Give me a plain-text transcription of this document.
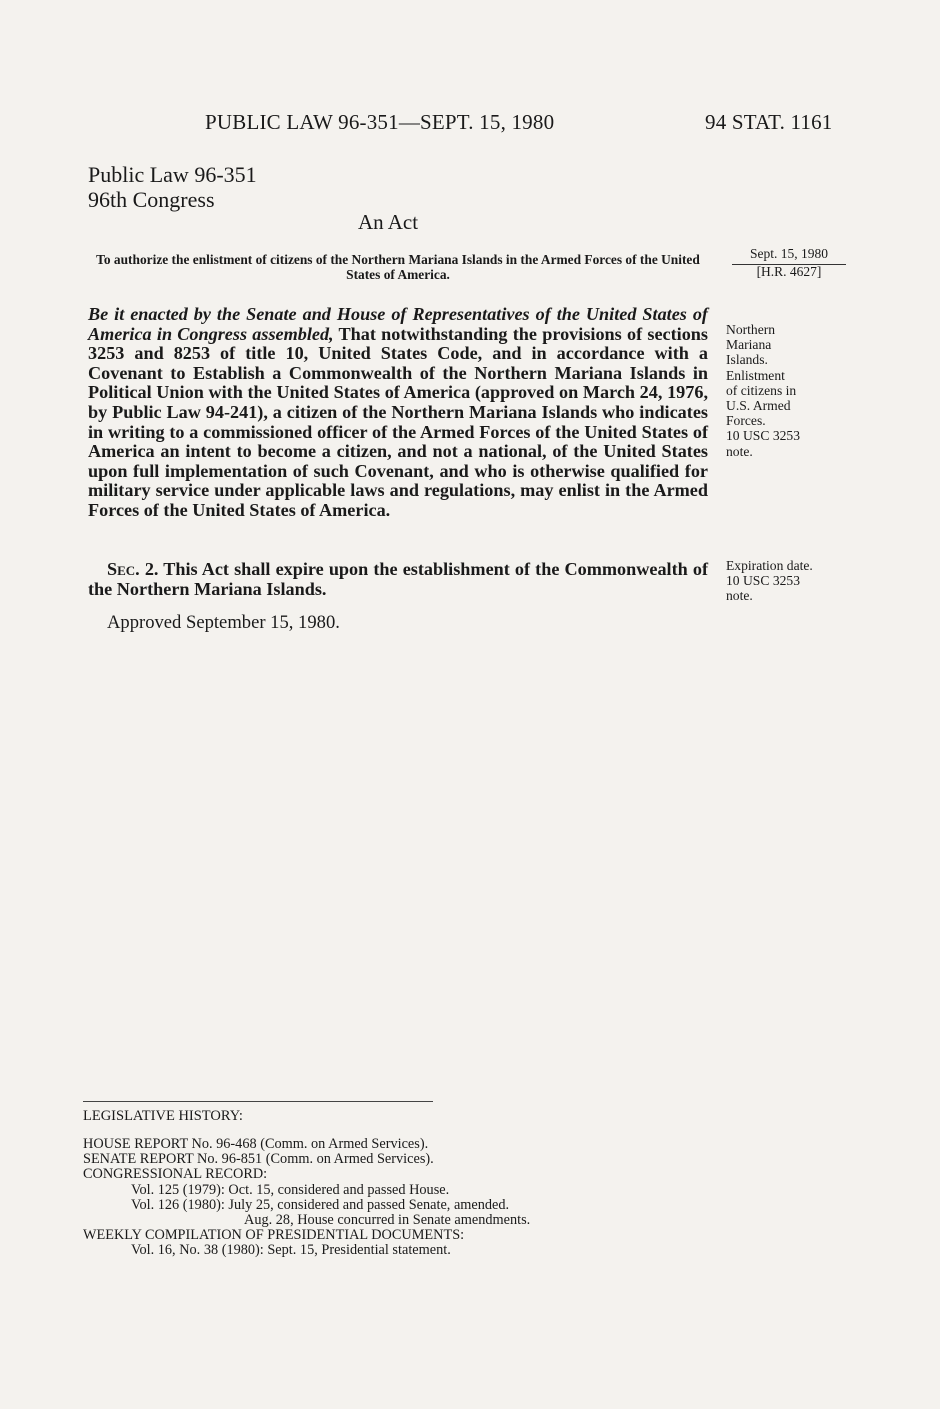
PUBLIC LAW 96-351—SEPT. 15, 1980	94 STAT. 1161
Public Law 96-351
96th Congress
An Act
To authorize the enlistment of citizens of the Northern Mariana Islands in the Armed Forces of the United States of America.
Sept. 15, 1980
[H.R. 4627]
Be it enacted by the Senate and House of Representatives of the United States of America in Congress assembled, That notwithstanding the provisions of sections 3253 and 8253 of title 10, United States Code, and in accordance with a Covenant to Establish a Commonwealth of the Northern Mariana Islands in Political Union with the United States of America (approved on March 24, 1976, by Public Law 94-241), a citizen of the Northern Mariana Islands who indicates in writing to a commissioned officer of the Armed Forces of the United States of America an intent to become a citizen, and not a national, of the United States upon full implementation of such Covenant, and who is otherwise qualified for military service under applicable laws and regulations, may enlist in the Armed Forces of the United States of America.
Sec. 2. This Act shall expire upon the establishment of the Commonwealth of the Northern Mariana Islands.
Approved September 15, 1980.
Northern
Mariana
Islands.
Enlistment
of citizens in
U.S. Armed
Forces.
10 USC 3253
note.
Expiration date.
10 USC 3253
note.
LEGISLATIVE HISTORY:
HOUSE REPORT No. 96-468 (Comm. on Armed Services).
SENATE REPORT No. 96-851 (Comm. on Armed Services).
CONGRESSIONAL RECORD:
Vol. 125 (1979): Oct. 15, considered and passed House.
Vol. 126 (1980): July 25, considered and passed Senate, amended.
Aug. 28, House concurred in Senate amendments.
WEEKLY COMPILATION OF PRESIDENTIAL DOCUMENTS:
Vol. 16, No. 38 (1980): Sept. 15, Presidential statement.
